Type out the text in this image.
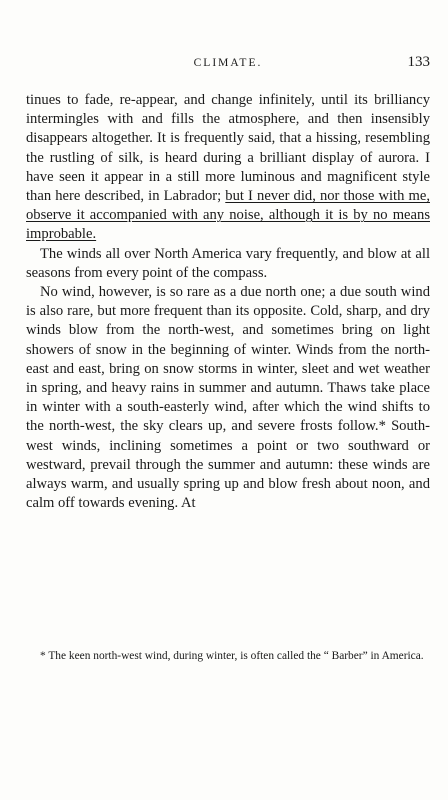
CLIMATE.	133

tinues to fade, re-appear, and change infinitely, until its brilliancy intermingles with and fills the atmosphere, and then insensibly disappears altogether. It is frequently said, that a hissing, resembling the rustling of silk, is heard during a brilliant display of aurora. I have seen it appear in a still more luminous and magnificent style than here described, in Labrador; but I never did, nor those with me, observe it accompanied with any noise, although it is by no means improbable.

The winds all over North America vary frequently, and blow at all seasons from every point of the compass.

No wind, however, is so rare as a due north one; a due south wind is also rare, but more frequent than its opposite. Cold, sharp, and dry winds blow from the north-west, and sometimes bring on light showers of snow in the beginning of winter. Winds from the north-east and east, bring on snow storms in winter, sleet and wet weather in spring, and heavy rains in summer and autumn. Thaws take place in winter with a south-easterly wind, after which the wind shifts to the north-west, the sky clears up, and severe frosts follow.* South-west winds, inclining sometimes a point or two southward or westward, prevail through the summer and autumn: these winds are always warm, and usually spring up and blow fresh about noon, and calm off towards evening. At

* The keen north-west wind, during winter, is often called the “ Barber” in America.
